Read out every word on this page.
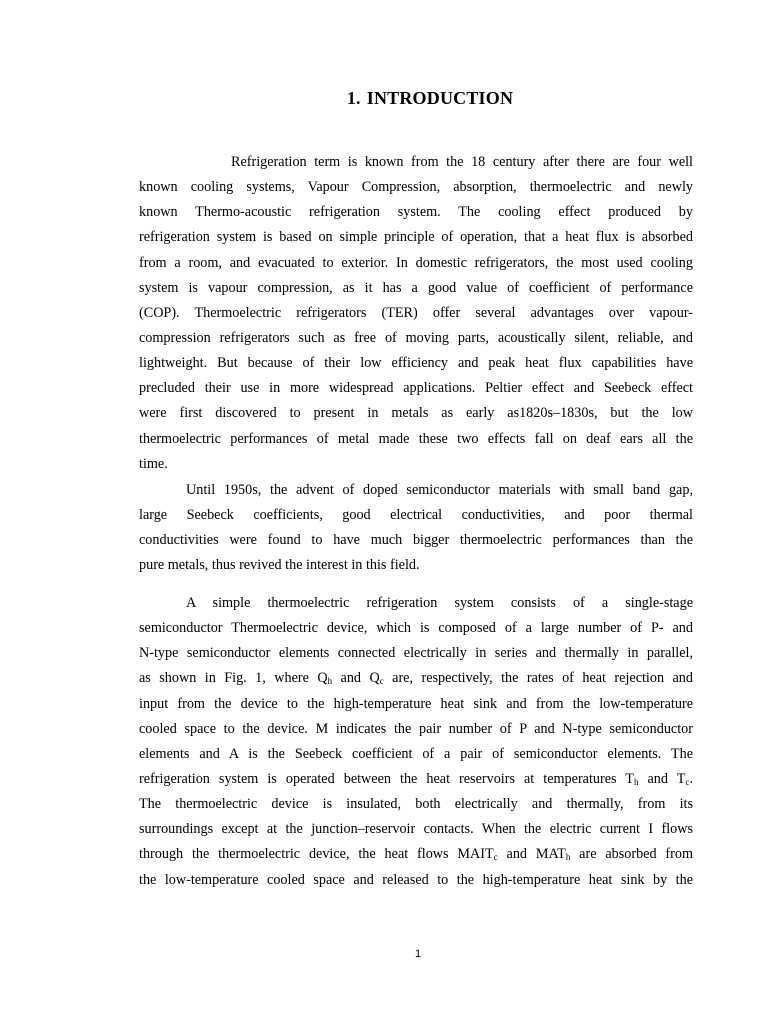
1. INTRODUCTION
Refrigeration term is known from the 18 century after there are four well
known cooling systems, Vapour Compression, absorption, thermoelectric and newly
known Thermo-acoustic refrigeration system. The cooling effect produced by
refrigeration system is based on simple principle of operation, that a heat flux is absorbed
from a room, and evacuated to exterior. In domestic refrigerators, the most used cooling
system is vapour compression, as it has a good value of coefficient of performance
(COP). Thermoelectric refrigerators (TER) offer several advantages over vapour-
compression refrigerators such as free of moving parts, acoustically silent, reliable, and
lightweight. But because of their low efficiency and peak heat flux capabilities have
precluded their use in more widespread applications. Peltier effect and Seebeck effect
were first discovered to present in metals as early as1820s–1830s, but the low
thermoelectric performances of metal made these two effects fall on deaf ears all the
time.
Until 1950s, the advent of doped semiconductor materials with small band gap,
large Seebeck coefficients, good electrical conductivities, and poor thermal
conductivities were found to have much bigger thermoelectric performances than the
pure metals, thus revived the interest in this field.
A simple thermoelectric refrigeration system consists of a single-stage
semiconductor Thermoelectric device, which is composed of a large number of P- and
N-type semiconductor elements connected electrically in series and thermally in parallel,
as shown in Fig. 1, where $Q_h$ and $Q_c$ are, respectively, the rates of heat rejection and
input from the device to the high-temperature heat sink and from the low-temperature
cooled space to the device. M indicates the pair number of P and N-type semiconductor
elements and A is the Seebeck coefficient of a pair of semiconductor elements. The
refrigeration system is operated between the heat reservoirs at temperatures $T_h$ and $T_c$.
The thermoelectric device is insulated, both electrically and thermally, from its
surroundings except at the junction–reservoir contacts. When the electric current I flows
through the thermoelectric device, the heat flows $MAIT_c$ and $MAT_h$ are absorbed from
the low-temperature cooled space and released to the high-temperature heat sink by the

1
